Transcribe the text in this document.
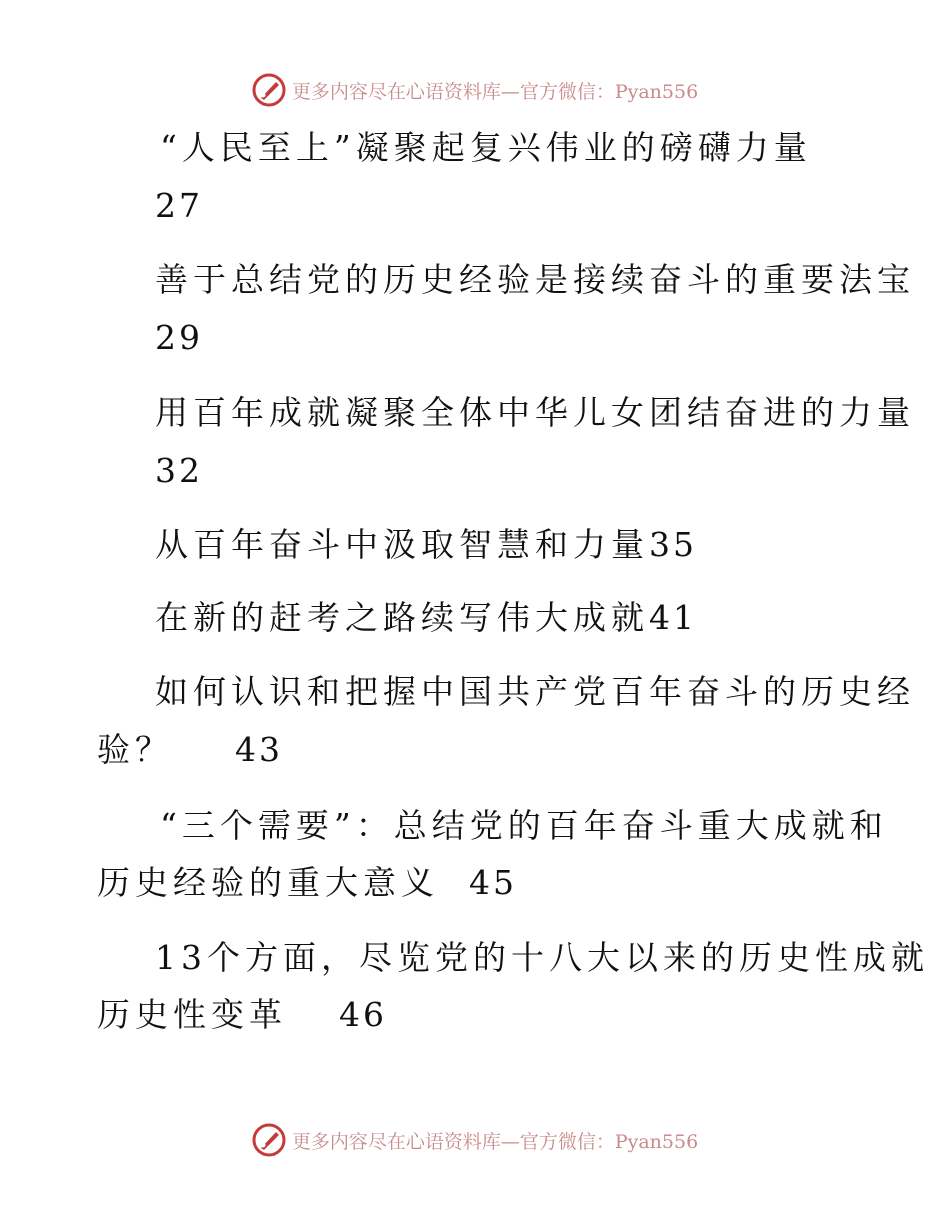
更多内容尽在心语资料库—官方微信：Pyan556
“人民至上”凝聚起复兴伟业的磅礴力量
27
善于总结党的历史经验是接续奋斗的重要法宝
29
用百年成就凝聚全体中华儿女团结奋进的力量
32
从百年奋斗中汲取智慧和力量35
在新的赶考之路续写伟大成就41
如何认识和把握中国共产党百年奋斗的历史经
验？ 43
“三个需要”：总结党的百年奋斗重大成就和
历史经验的重大意义 45
13个方面，尽览党的十八大以来的历史性成就
历史性变革 46
更多内容尽在心语资料库—官方微信：Pyan556
